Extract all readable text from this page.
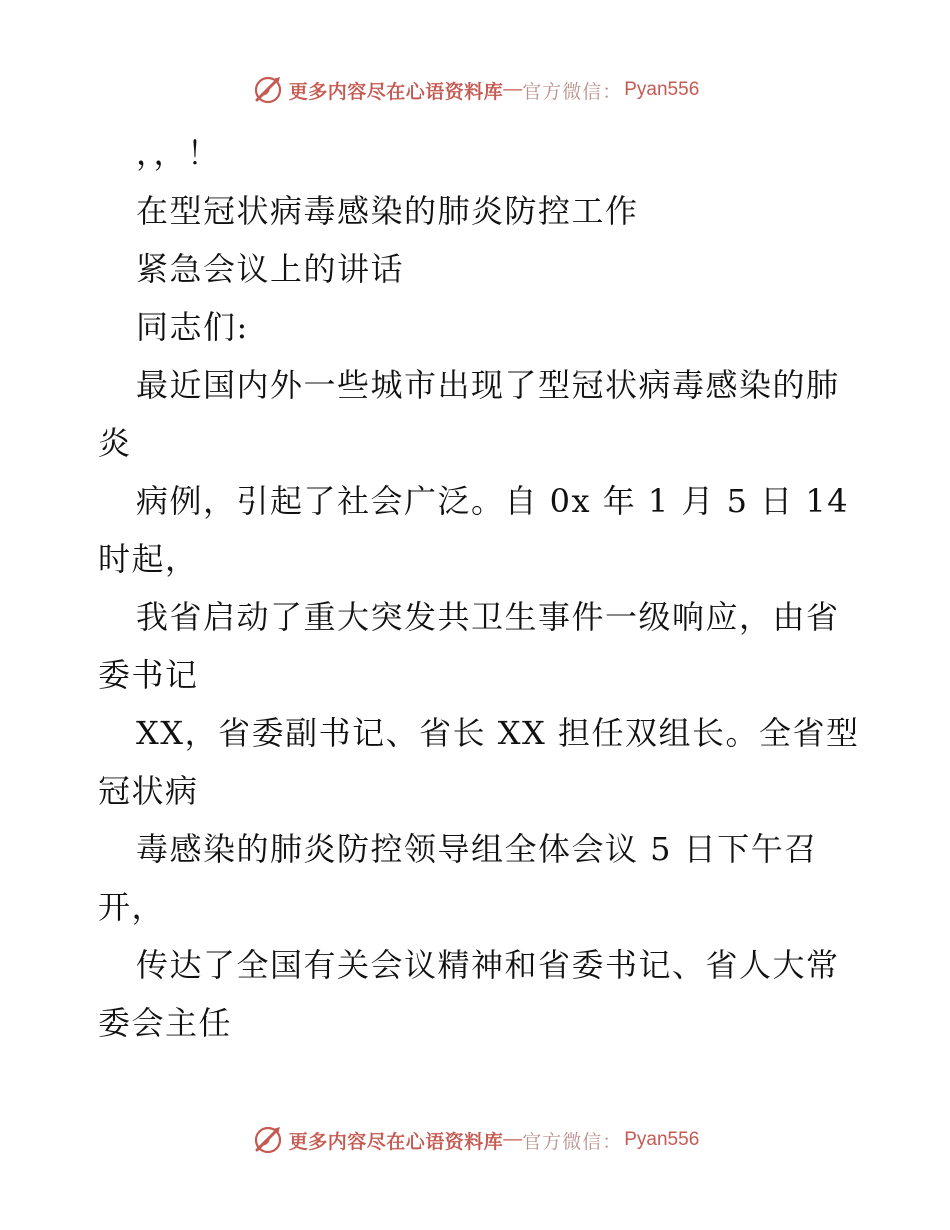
更多内容尽在心语资料库 — 官方微信： Pyan556
，，！
在型冠状病毒感染的肺炎防控工作
紧急会议上的讲话
同志们:
最近国内外一些城市出现了型冠状病毒感染的肺
炎
病例，引起了社会广泛。自 0x 年 1 月 5 日 14
时起，
我省启动了重大突发共卫生事件一级响应，由省
委书记
XX，省委副书记、省长 XX 担任双组长。全省型
冠状病
毒感染的肺炎防控领导组全体会议 5 日下午召
开，
传达了全国有关会议精神和省委书记、省人大常
委会主任
更多内容尽在心语资料库 — 官方微信： Pyan556
